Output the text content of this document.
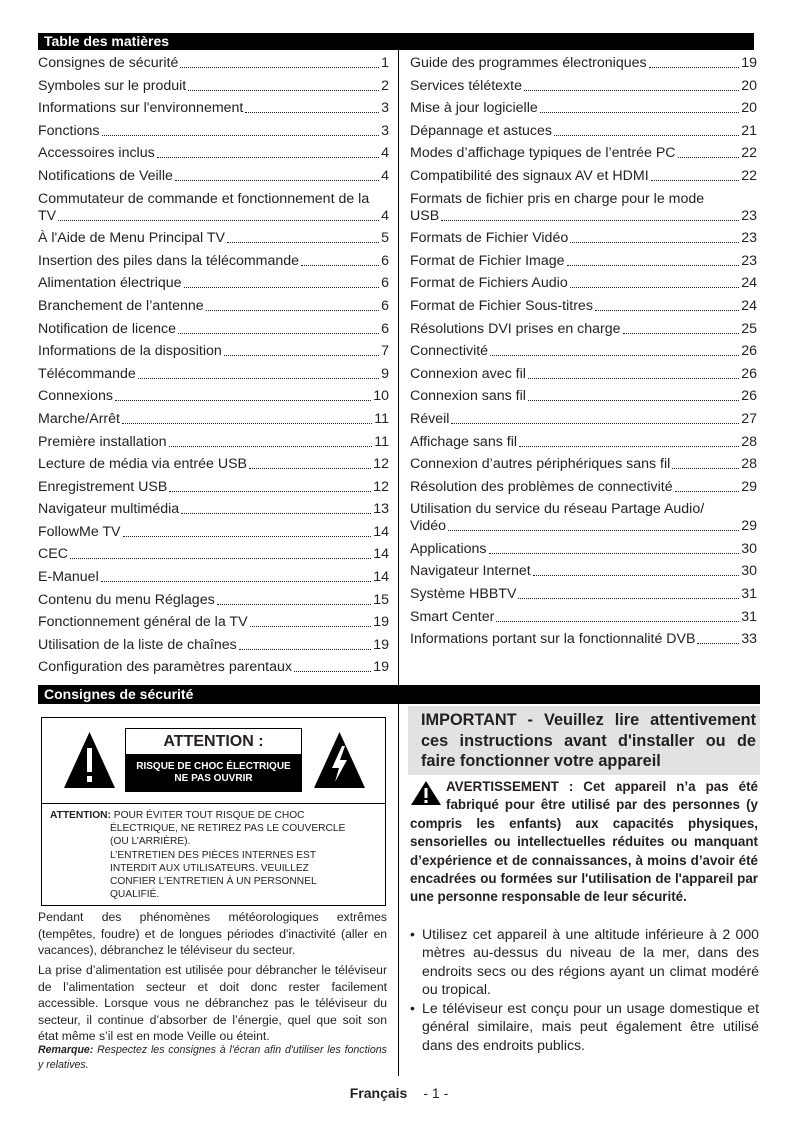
Table des matières
Consignes de sécurité	1
Symboles sur le produit	2
Informations sur l'environnement	3
Fonctions	3
Accessoires inclus	4
Notifications de Veille	4
Commutateur de commande et fonctionnement de la
TV	4
À l'Aide de Menu Principal TV	5
Insertion des piles dans la télécommande	6
Alimentation électrique	6
Branchement de l’antenne	6
Notification de licence	6
Informations de la disposition	7
Télécommande	9
Connexions	10
Marche/Arrêt	11
Première installation	11
Lecture de média via entrée USB	12
Enregistrement USB	12
Navigateur multimédia	13
FollowMe TV	14
CEC	14
E-Manuel	14
Contenu du menu Réglages	15
Fonctionnement général de la TV	19
Utilisation de la liste de chaînes	19
Configuration des paramètres parentaux	19
Guide des programmes électroniques	19
Services télétexte	20
Mise à jour logicielle	20
Dépannage et astuces	21
Modes d’affichage typiques de l’entrée PC	22
Compatibilité des signaux AV et HDMI	22
Formats de fichier pris en charge pour le mode
USB	23
Formats de Fichier Vidéo	23
Format de Fichier Image	23
Format de Fichiers Audio	24
Format de Fichier Sous-titres	24
Résolutions DVI prises en charge	25
Connectivité	26
Connexion avec fil	26
Connexion sans fil	26
Réveil	27
Affichage sans fil	28
Connexion d’autres périphériques sans fil	28
Résolution des problèmes de connectivité	29
Utilisation du service du réseau Partage Audio/
Vidéo	29
Applications	30
Navigateur Internet	30
Système HBBTV	31
Smart Center	31
Informations portant sur la fonctionnalité DVB	33
Consignes de sécurité
ATTENTION :
RISQUE DE CHOC ÉLECTRIQUE
NE PAS OUVRIR
ATTENTION: POUR ÉVITER TOUT RISQUE DE CHOC
ÉLECTRIQUE, NE RETIREZ PAS LE COUVERCLE
(OU L’ARRIÈRE).
L’ENTRETIEN DES PIÈCES INTERNES EST
INTERDIT AUX UTILISATEURS. VEUILLEZ
CONFIER L’ENTRETIEN À UN PERSONNEL
QUALIFIÉ.
Pendant des phénomènes météorologiques extrêmes (tempêtes, foudre) et de longues périodes d'inactivité (aller en vacances), débranchez le téléviseur du secteur.
La prise d’alimentation est utilisée pour débrancher le téléviseur de l’alimentation secteur et doit donc rester facilement accessible. Lorsque vous ne débranchez pas le téléviseur du secteur, il continue d’absorber de l’énergie, quel que soit son état même s’il est en mode Veille ou éteint.
Remarque: Respectez les consignes à l'écran afin d'utiliser les fonctions y relatives.
IMPORTANT - Veuillez lire attentivement ces instructions avant d'installer ou de faire fonctionner votre appareil
AVERTISSEMENT : Cet appareil n’a pas été fabriqué pour être utilisé par des personnes (y compris les enfants) aux capacités physiques, sensorielles ou intellectuelles réduites ou manquant d’expérience et de connaissances, à moins d’avoir été encadrées ou formées sur l'utilisation de l'appareil par une personne responsable de leur sécurité.
• Utilisez cet appareil à une altitude inférieure à 2 000 mètres au-dessus du niveau de la mer, dans des endroits secs ou des régions ayant un climat modéré ou tropical.
• Le téléviseur est conçu pour un usage domestique et général similaire, mais peut également être utilisé dans des endroits publics.
Français - 1 -
